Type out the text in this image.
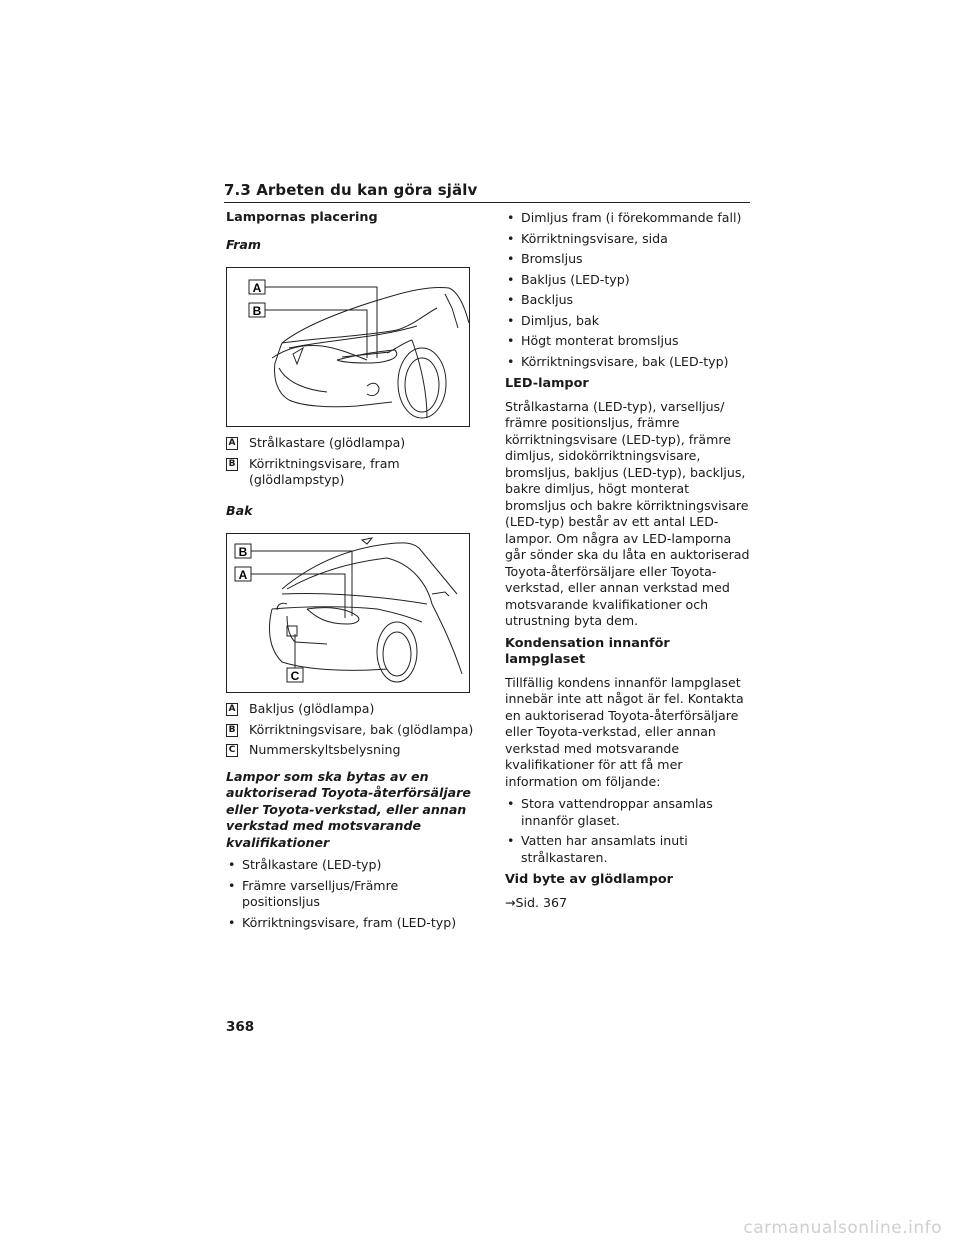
7.3 Arbeten du kan göra själv

Lampornas placering

Fram

A
B
A Strålkastare (glödlampa)
B Körriktningsvisare, fram (glödlampstyp)

Bak

B
A
C
A Bakljus (glödlampa)
B Körriktningsvisare, bak (glödlampa)
C Nummerskyltsbelysning

Lampor som ska bytas av en auktoriserad Toyota-återförsäljare eller Toyota-verkstad, eller annan verkstad med motsvarande kvalifikationer

• Strålkastare (LED-typ)
• Främre varselljus/Främre positionsljus
• Körriktningsvisare, fram (LED-typ)
• Dimljus fram (i förekommande fall)
• Körriktningsvisare, sida
• Bromsljus
• Bakljus (LED-typ)
• Backljus
• Dimljus, bak
• Högt monterat bromsljus
• Körriktningsvisare, bak (LED-typ)

LED-lampor

Strålkastarna (LED-typ), varselljus/ främre positionsljus, främre körriktningsvisare (LED-typ), främre dimljus, sidokörriktningsvisare, bromsljus, bakljus (LED-typ), backljus, bakre dimljus, högt monterat bromsljus och bakre körriktningsvisare (LED-typ) består av ett antal LED-lampor. Om några av LED-lamporna går sönder ska du låta en auktoriserad Toyota-återförsäljare eller Toyota-verkstad, eller annan verkstad med motsvarande kvalifikationer och utrustning byta dem.

Kondensation innanför lampglaset

Tillfällig kondens innanför lampglaset innebär inte att något är fel. Kontakta en auktoriserad Toyota-återförsäljare eller Toyota-verkstad, eller annan verkstad med motsvarande kvalifikationer för att få mer information om följande:

• Stora vattendroppar ansamlas innanför glaset.
• Vatten har ansamlats inuti strålkastaren.

Vid byte av glödlampor

→Sid. 367

368
carmanualsonline.info
